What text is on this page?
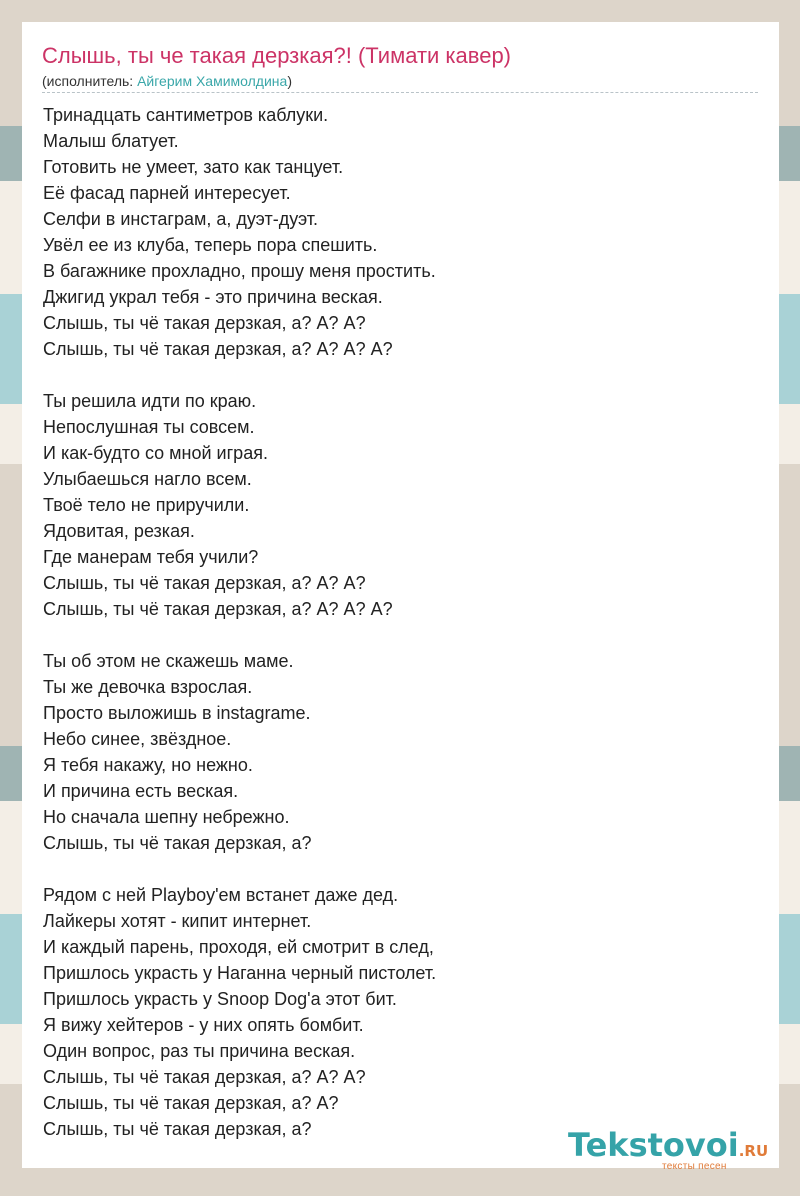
Слышь, ты че такая дерзкая?! (Тимати кавер)
(исполнитель: Айгерим Хамимолдина)
Тринадцать сантиметров каблуки.
Малыш блатует.
Готовить не умеет, зато как танцует.
Её фасад парней интересует.
Селфи в инстаграм, а, дуэт-дуэт.
Увёл ее из клуба, теперь пора спешить.
В багажнике прохладно, прошу меня простить.
Джигид украл тебя - это причина веская.
Слышь, ты чё такая дерзкая, а? А? А?
Слышь, ты чё такая дерзкая, а? А? А? А?
Ты решила идти по краю.
Непослушная ты совсем.
И как-будто со мной играя.
Улыбаешься нагло всем.
Твоё тело не приручили.
Ядовитая, резкая.
Где манерам тебя учили?
Слышь, ты чё такая дерзкая, а? А? А?
Слышь, ты чё такая дерзкая, а? А? А? А?
Ты об этом не скажешь маме.
Ты же девочка взрослая.
Просто выложишь в instagrame.
Небо синее, звёздное.
Я тебя накажу, но нежно.
И причина есть веская.
Но сначала шепну небрежно.
Слышь, ты чё такая дерзкая, а?
Рядом с ней Playboy'ем встанет даже дед.
Лайкеры хотят - кипит интернет.
И каждый парень, проходя, ей смотрит в след,
Пришлось украсть у Наганна черный пистолет.
Пришлось украсть у Snoop Dog'a этот бит.
Я вижу хейтеров - у них опять бомбит.
Один вопрос, раз ты причина веская.
Слышь, ты чё такая дерзкая, а? А? А?
Слышь, ты чё такая дерзкая, а? А?
Слышь, ты чё такая дерзкая, а?	Tekstovoi.RU
тексты песен
